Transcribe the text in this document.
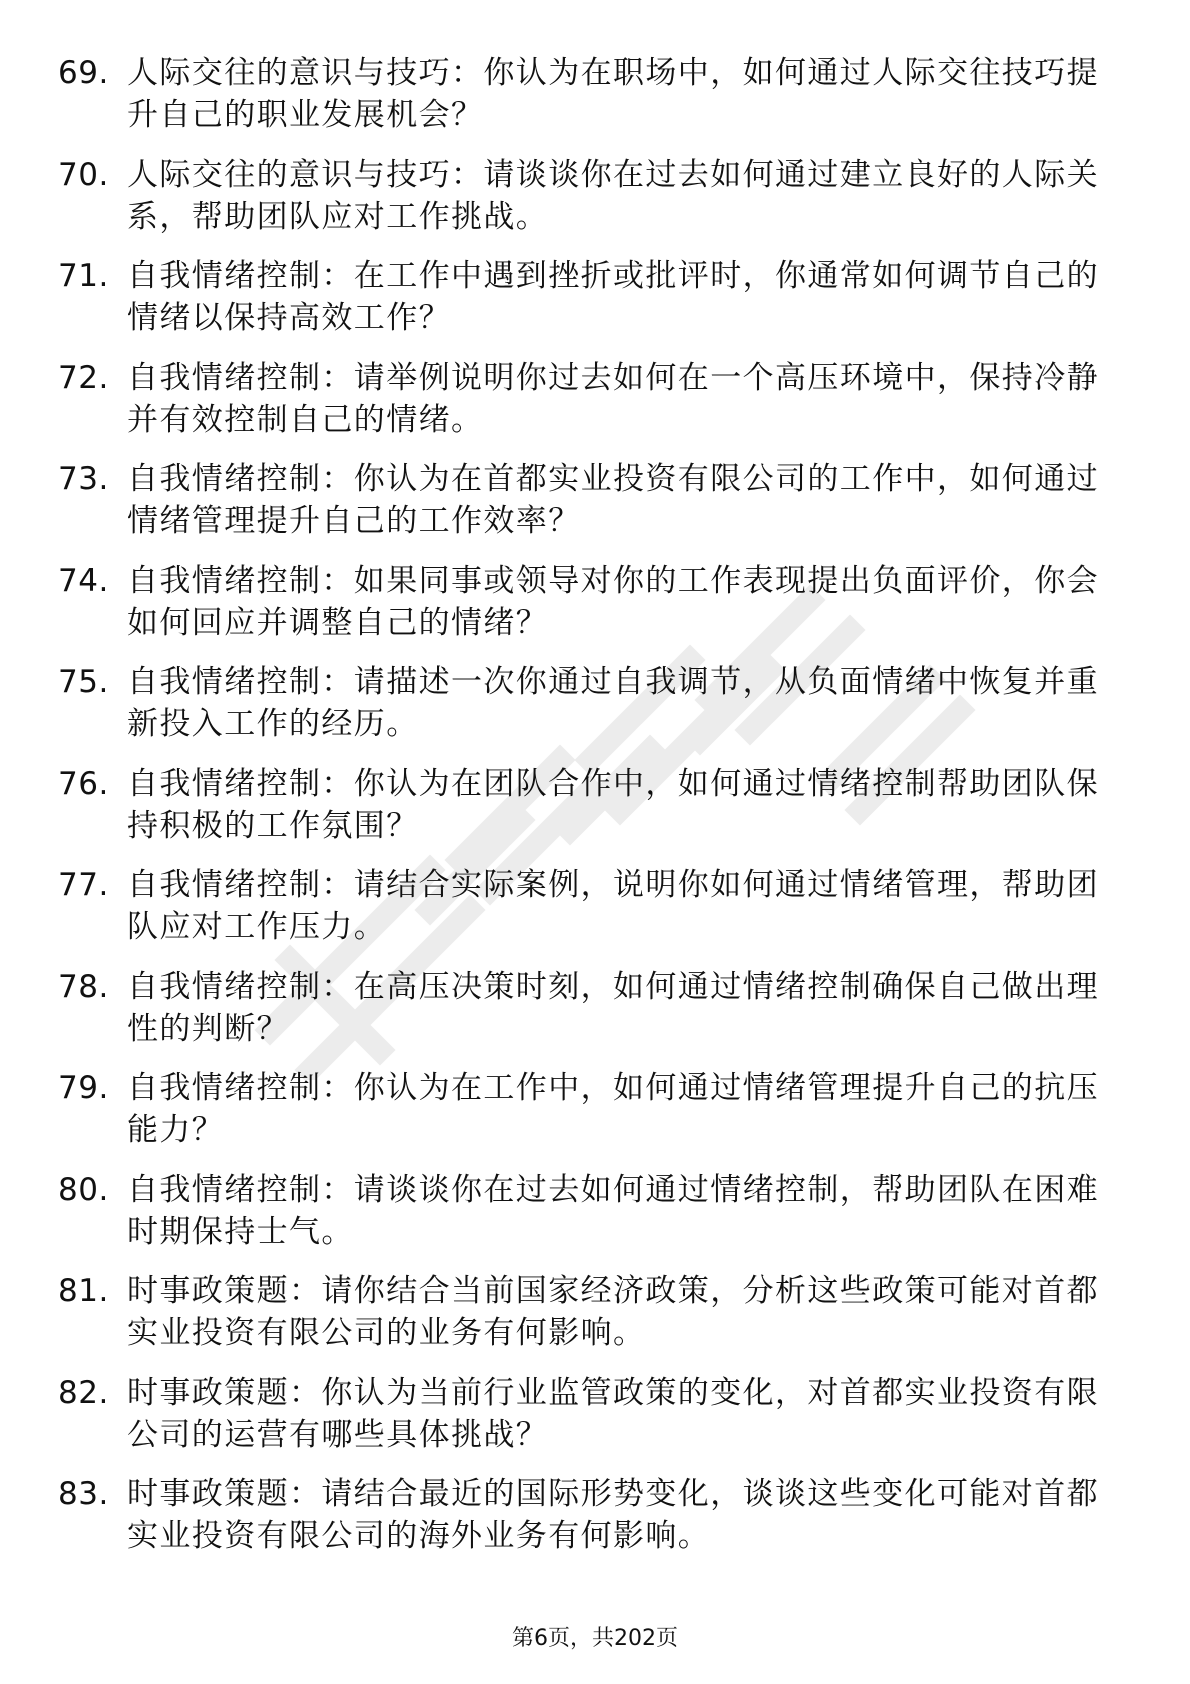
69. 人际交往的意识与技巧：你认为在职场中，如何通过人际交往技巧提升自己的职业发展机会？
70. 人际交往的意识与技巧：请谈谈你在过去如何通过建立良好的人际关系，帮助团队应对工作挑战。
71. 自我情绪控制：在工作中遇到挫折或批评时，你通常如何调节自己的情绪以保持高效工作？
72. 自我情绪控制：请举例说明你过去如何在一个高压环境中，保持冷静并有效控制自己的情绪。
73. 自我情绪控制：你认为在首都实业投资有限公司的工作中，如何通过情绪管理提升自己的工作效率？
74. 自我情绪控制：如果同事或领导对你的工作表现提出负面评价，你会如何回应并调整自己的情绪？
75. 自我情绪控制：请描述一次你通过自我调节，从负面情绪中恢复并重新投入工作的经历。
76. 自我情绪控制：你认为在团队合作中，如何通过情绪控制帮助团队保持积极的工作氛围？
77. 自我情绪控制：请结合实际案例，说明你如何通过情绪管理，帮助团队应对工作压力。
78. 自我情绪控制：在高压决策时刻，如何通过情绪控制确保自己做出理性的判断？
79. 自我情绪控制：你认为在工作中，如何通过情绪管理提升自己的抗压能力？
80. 自我情绪控制：请谈谈你在过去如何通过情绪控制，帮助团队在困难时期保持士气。
81. 时事政策题：请你结合当前国家经济政策，分析这些政策可能对首都实业投资有限公司的业务有何影响。
82. 时事政策题：你认为当前行业监管政策的变化，对首都实业投资有限公司的运营有哪些具体挑战？
83. 时事政策题：请结合最近的国际形势变化，谈谈这些变化可能对首都实业投资有限公司的海外业务有何影响。
第6页，共202页
